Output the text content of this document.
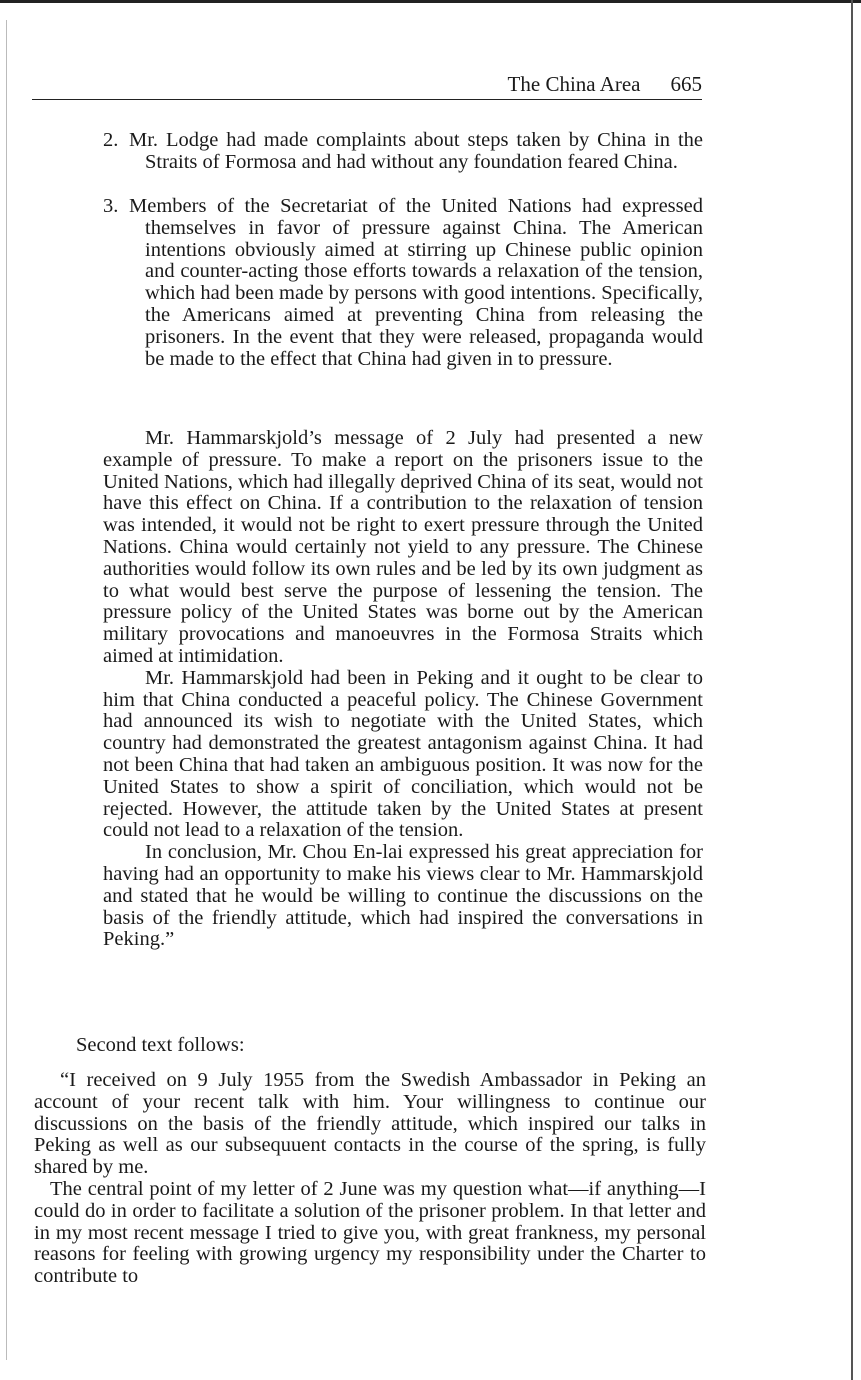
The China Area 665
2. Mr. Lodge had made complaints about steps taken by China in the Straits of Formosa and had without any foundation feared China.
3. Members of the Secretariat of the United Nations had expressed themselves in favor of pressure against China. The American intentions obviously aimed at stirring up Chinese public opinion and counter-acting those efforts towards a relaxation of the tension, which had been made by persons with good intentions. Specifically, the Americans aimed at preventing China from releasing the prisoners. In the event that they were released, propaganda would be made to the effect that China had given in to pressure.
Mr. Hammarskjold’s message of 2 July had presented a new example of pressure. To make a report on the prisoners issue to the United Nations, which had illegally deprived China of its seat, would not have this effect on China. If a contribution to the relaxation of tension was intended, it would not be right to exert pressure through the United Nations. China would certainly not yield to any pressure. The Chinese authorities would follow its own rules and be led by its own judgment as to what would best serve the purpose of lessening the tension. The pressure policy of the United States was borne out by the American military provocations and manoeuvres in the Formosa Straits which aimed at intimidation.
Mr. Hammarskjold had been in Peking and it ought to be clear to him that China conducted a peaceful policy. The Chinese Government had announced its wish to negotiate with the United States, which country had demonstrated the greatest antagonism against China. It had not been China that had taken an ambiguous position. It was now for the United States to show a spirit of conciliation, which would not be rejected. However, the attitude taken by the United States at present could not lead to a relaxation of the tension.
In conclusion, Mr. Chou En-lai expressed his great appreciation for having had an opportunity to make his views clear to Mr. Hammarskjold and stated that he would be willing to continue the discussions on the basis of the friendly attitude, which had inspired the conversations in Peking.”
Second text follows:
“I received on 9 July 1955 from the Swedish Ambassador in Peking an account of your recent talk with him. Your willingness to continue our discussions on the basis of the friendly attitude, which inspired our talks in Peking as well as our subsequuent contacts in the course of the spring, is fully shared by me.
The central point of my letter of 2 June was my question what—if anything—I could do in order to facilitate a solution of the prisoner problem. In that letter and in my most recent message I tried to give you, with great frankness, my personal reasons for feeling with growing urgency my responsibility under the Charter to contribute to
